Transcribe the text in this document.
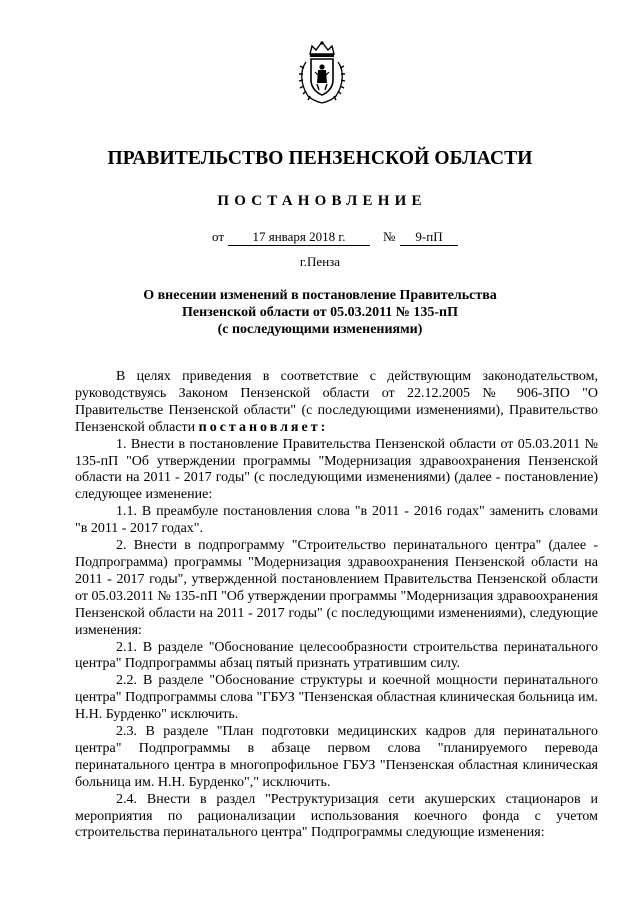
ПРАВИТЕЛЬСТВО ПЕНЗЕНСКОЙ ОБЛАСТИ
ПОСТАНОВЛЕНИЕ
от	17 января 2018 г.	№	9-пП
г.Пенза
О внесении изменений в постановление Правительства
Пензенской области от 05.03.2011 № 135-пП
(с последующими изменениями)

В целях приведения в соответствие с действующим законодательством, руководствуясь Законом Пензенской области от 22.12.2005 № 906-ЗПО "О Правительстве Пензенской области" (с последующими изменениями), Правительство Пензенской области постановляет:

1. Внести в постановление Правительства Пензенской области от 05.03.2011 № 135-пП "Об утверждении программы "Модернизация здравоохранения Пензенской области на 2011 - 2017 годы" (с последующими изменениями) (далее - постановление) следующее изменение:

1.1. В преамбуле постановления слова "в 2011 - 2016 годах" заменить словами "в 2011 - 2017 годах".

2. Внести в подпрограмму "Строительство перинатального центра" (далее - Подпрограмма) программы "Модернизация здравоохранения Пензенской области на 2011 - 2017 годы", утвержденной постановлением Правительства Пензенской области от 05.03.2011 № 135-пП "Об утверждении программы "Модернизация здравоохранения Пензенской области на 2011 - 2017 годы" (с последующими изменениями), следующие изменения:

2.1. В разделе "Обоснование целесообразности строительства перинатального центра" Подпрограммы абзац пятый признать утратившим силу.

2.2. В разделе "Обоснование структуры и коечной мощности перинатального центра" Подпрограммы слова "ГБУЗ "Пензенская областная клиническая больница им. Н.Н. Бурденко" исключить.

2.3. В разделе "План подготовки медицинских кадров для перинатального центра" Подпрограммы в абзаце первом слова "планируемого перевода перинатального центра в многопрофильное ГБУЗ "Пензенская областная клиническая больница им. Н.Н. Бурденко"," исключить.

2.4. Внести в раздел "Реструктуризация сети акушерских стационаров и мероприятия по рационализации использования коечного фонда с учетом строительства перинатального центра" Подпрограммы следующие изменения:
